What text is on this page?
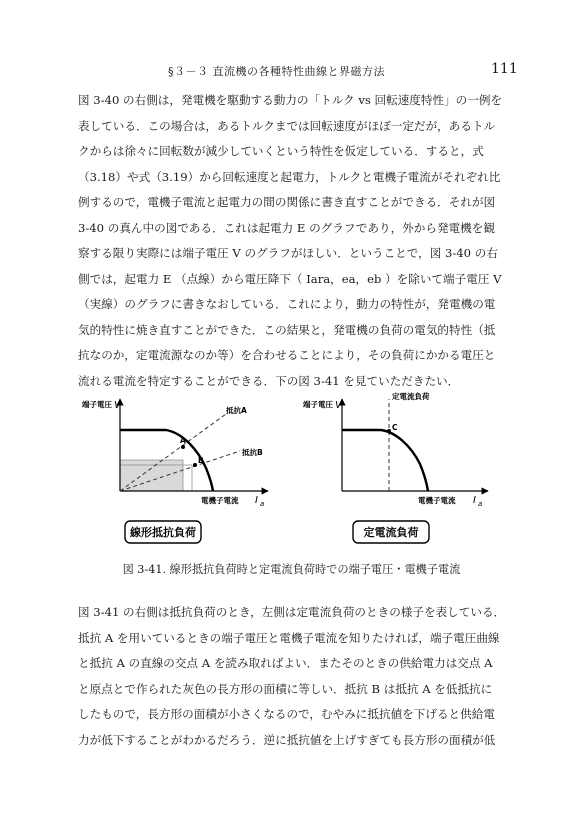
§３－３ 直流機の各種特性曲線と界磁方法	111

図 3-40 の右側は，発電機を駆動する動力の「トルク vs 回転速度特性」の一例を

表している．この場合は，あるトルクまでは回転速度がほぼ一定だが，あるトル

クからは徐々に回転数が減少していくという特性を仮定している．すると，式

（3.18）や式（3.19）から回転速度と起電力，トルクと電機子電流がそれぞれ比

例するので，電機子電流と起電力の間の関係に書き直すことができる．それが図

3-40 の真ん中の図である．これは起電力 E のグラフであり，外から発電機を観

察する限り実際には端子電圧 V のグラフがほしい．ということで，図 3-40 の右

側では，起電力 E （点線）から電圧降下（ Iara，ea，eb ）を除いて端子電圧 V

（実線）のグラフに書きなおしている．これにより，動力の特性が，発電機の電

気的特性に焼き直すことができた．この結果と，発電機の負荷の電気的特性（抵

抗なのか，定電流源なのか等）を合わせることにより，その負荷にかかる電圧と

流れる電流を特定することができる．下の図 3-41 を見ていただきたい．

端子電圧 V	抵抗A
抵抗B
A
B
電機子電流 I a
線形抵抗負荷
端子電圧 V
定電流負荷
C
電機子電流 I a
定電流負荷
図 3-41. 線形抵抗負荷時と定電流負荷時での端子電圧・電機子電流

図 3-41 の右側は抵抗負荷のとき，左側は定電流負荷のときの様子を表している．

抵抗 A を用いているときの端子電圧と電機子電流を知りたければ，端子電圧曲線

と抵抗 A の直線の交点 A を読み取ればよい．またそのときの供給電力は交点 A

と原点とで作られた灰色の長方形の面積に等しい．抵抗 B は抵抗 A を低抵抗に

したもので，長方形の面積が小さくなるので，むやみに抵抗値を下げると供給電

力が低下することがわかるだろう．逆に抵抗値を上げすぎても長方形の面積が低
